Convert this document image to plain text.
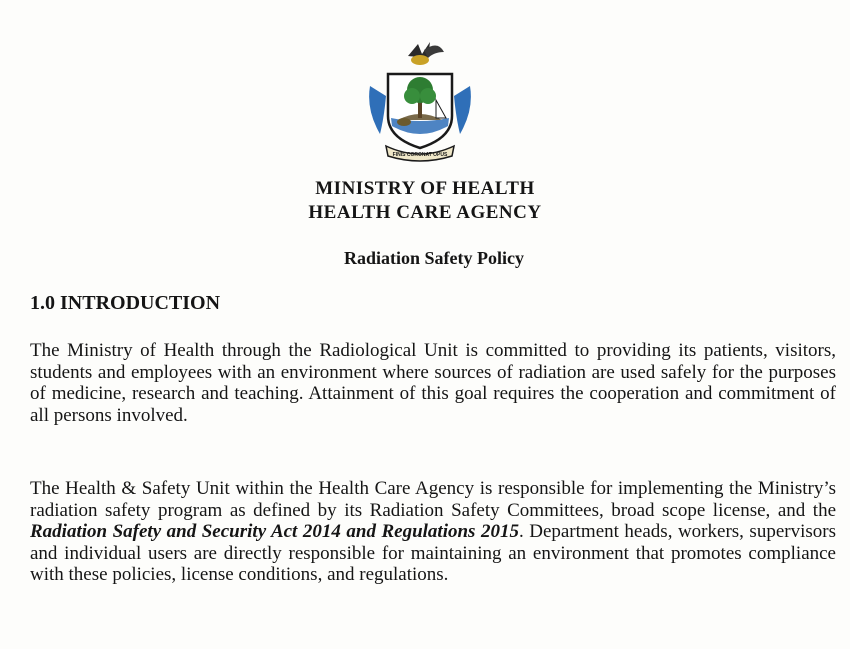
FINIS CORONAT OPUS
MINISTRY OF HEALTH
HEALTH CARE AGENCY
Radiation Safety Policy
1.0 INTRODUCTION

The Ministry of Health through the Radiological Unit is committed to providing its patients, visitors, students and employees with an environment where sources of radiation are used safely for the purposes of medicine, research and teaching. Attainment of this goal requires the cooperation and commitment of all persons involved.

The Health & Safety Unit within the Health Care Agency is responsible for implementing the Ministry’s radiation safety program as defined by its Radiation Safety Committees, broad scope license, and the Radiation Safety and Security Act 2014 and Regulations 2015. Department heads, workers, supervisors and individual users are directly responsible for maintaining an environment that promotes compliance with these policies, license conditions, and regulations.
